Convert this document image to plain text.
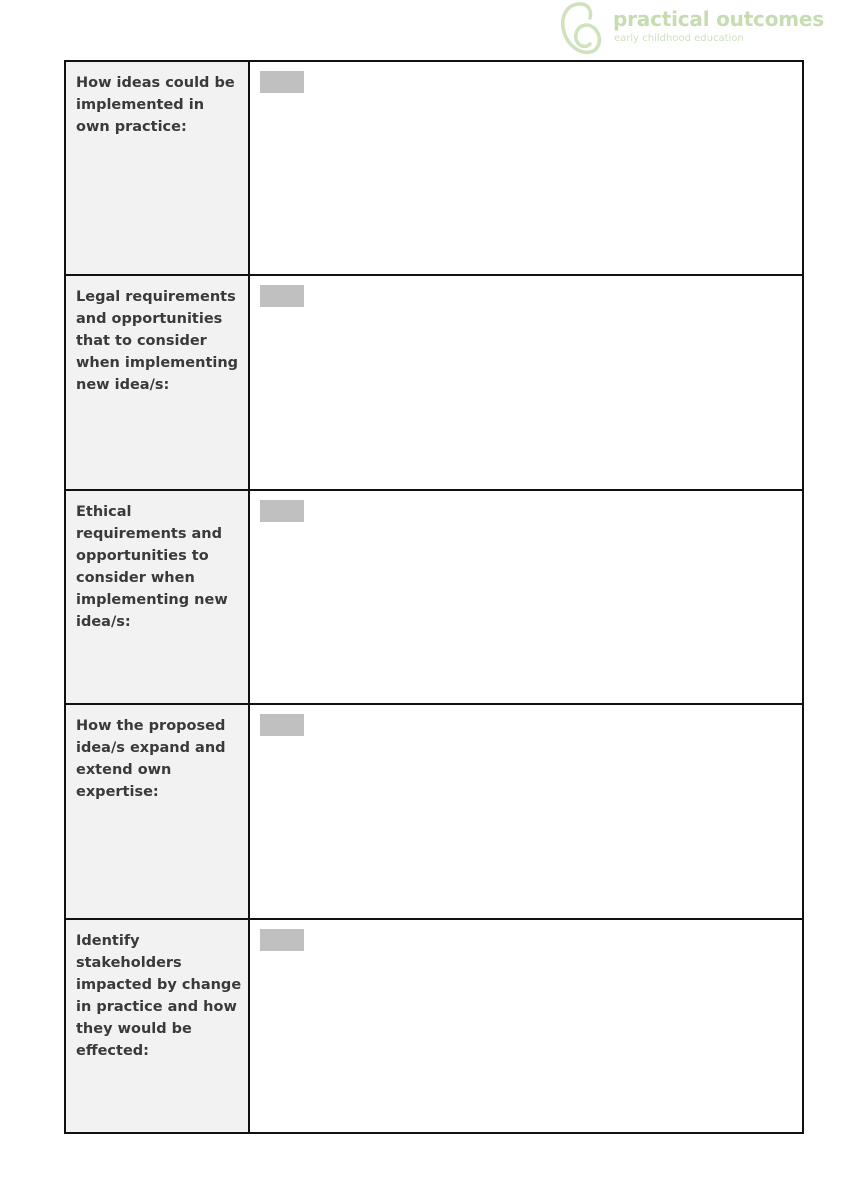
practical outcomes
early childhood education
How ideas could be implemented in own practice:

Legal requirements and opportunities that to consider when implementing new idea/s:

Ethical requirements and opportunities to consider when implementing new idea/s:

How the proposed idea/s expand and extend own expertise:

Identify stakeholders impacted by change in practice and how they would be effected:
